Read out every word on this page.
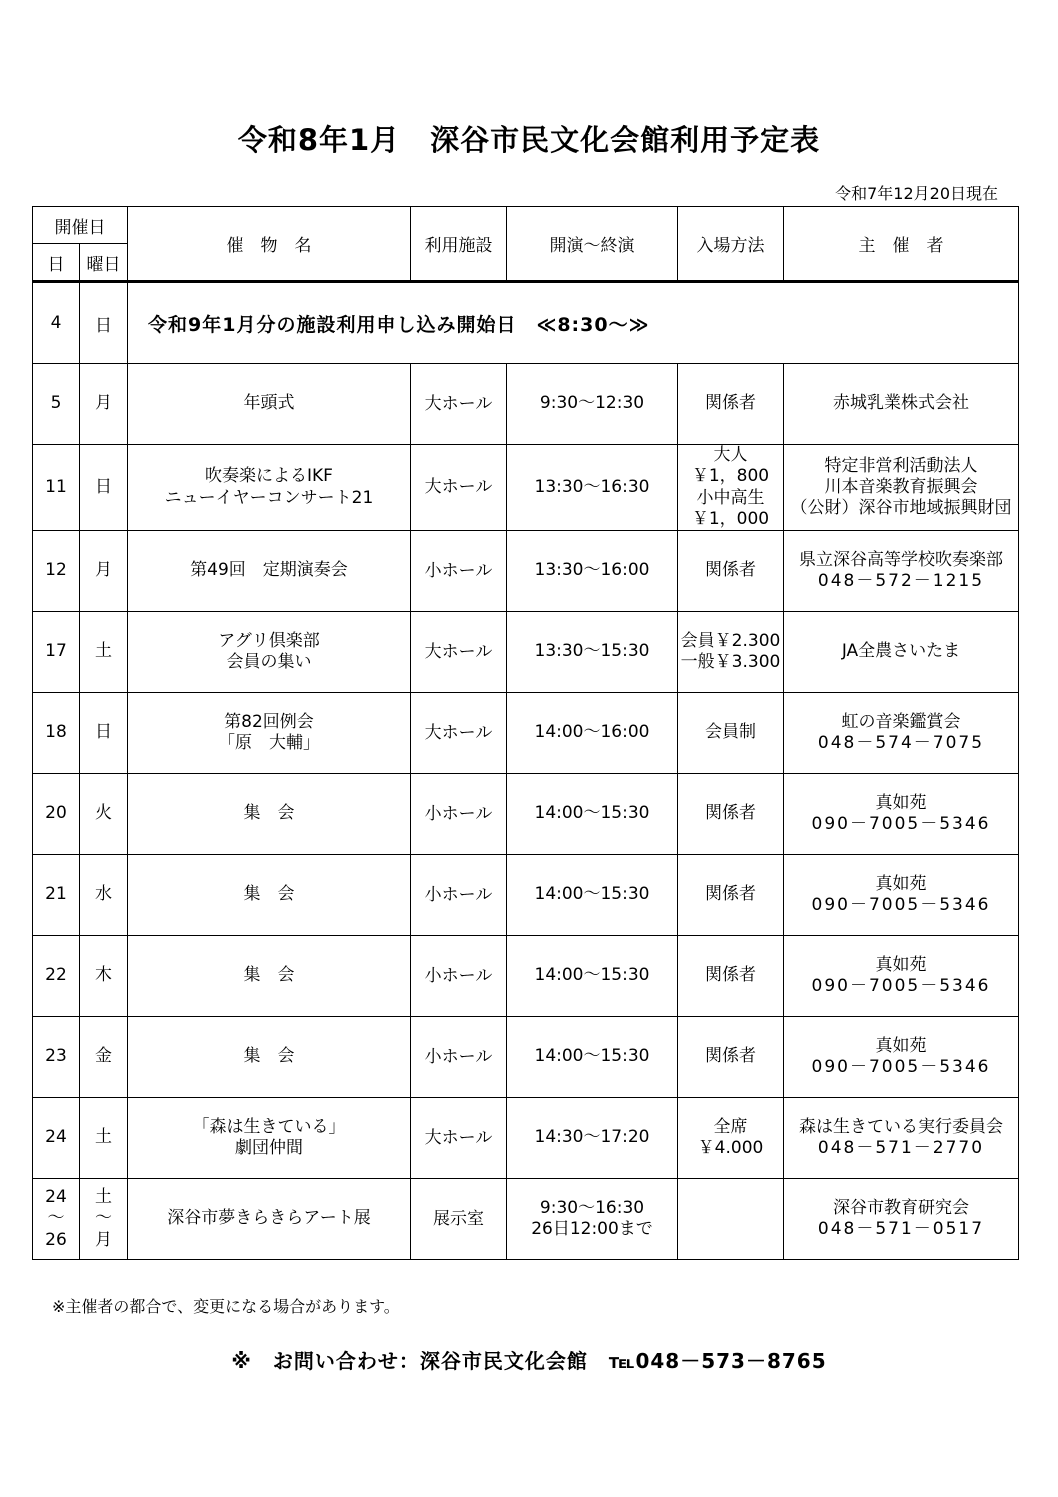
令和8年1月　深谷市民文化会館利用予定表
令和7年12月20日現在
開催日		催　物　名	利用施設	開演～終演	入場方法	主　催　者
日	曜日					
4	日	令和9年1月分の施設利用申し込み開始日　≪8:30～≫				

5	月	年頭式	大ホール	9:30～12:30	関係者	赤城乳業株式会社

11	日	吹奏楽によるIKF
ニューイヤーコンサート21	大ホール	13:30～16:30	大人
￥1，800
小中高生
￥1，000	特定非営利活動法人
川本音楽教育振興会
（公財）深谷市地域振興財団

12	月	第49回　定期演奏会	小ホール	13:30～16:00	関係者	県立深谷高等学校吹奏楽部
048－572－1215

17	土	アグリ倶楽部
会員の集い	大ホール	13:30～15:30	会員￥2.300
一般￥3.300	JA全農さいたま

18	日	第82回例会
「原　大輔」	大ホール	14:00～16:00	会員制	虹の音楽鑑賞会
048－574－7075

20	火	集　会	小ホール	14:00～15:30	関係者	真如苑
090－7005－5346

21	水	集　会	小ホール	14:00～15:30	関係者	真如苑
090－7005－5346

22	木	集　会	小ホール	14:00～15:30	関係者	真如苑
090－7005－5346

23	金	集　会	小ホール	14:00～15:30	関係者	真如苑
090－7005－5346

24	土	「森は生きている」
劇団仲間	大ホール	14:30～17:20	全席
￥4.000	森は生きている実行委員会
048－571－2770

24
～
26	土
～
月	深谷市夢きらきらアート展	展示室	9:30～16:30
26日12:00まで		深谷市教育研究会
048－571－0517
※主催者の都合で、変更になる場合があります。
※　お問い合わせ：深谷市民文化会館　℡048－573－8765
